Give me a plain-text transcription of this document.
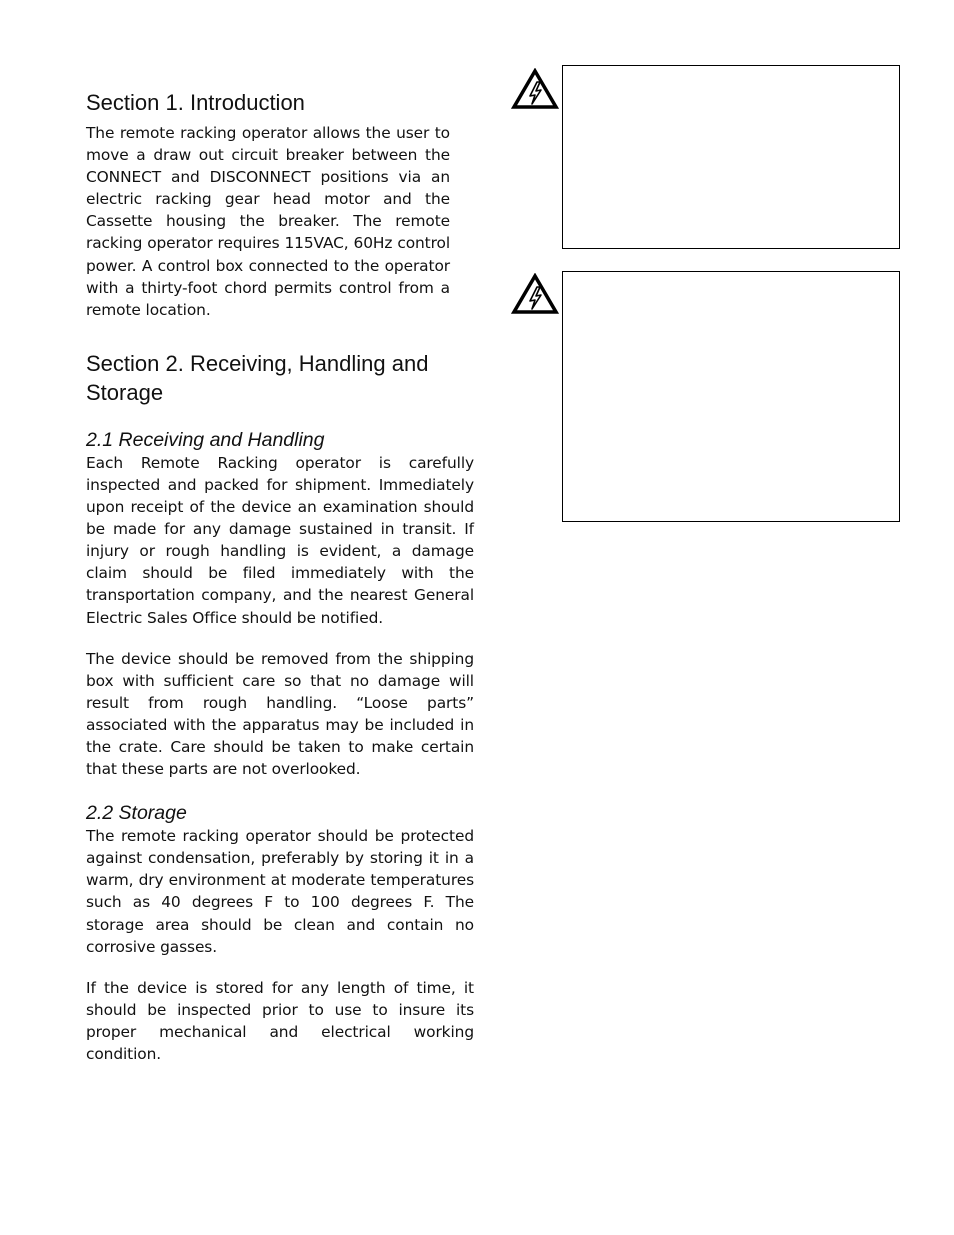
Section 1. Introduction

The remote racking operator allows the user to move a draw out circuit breaker between the CONNECT and DISCONNECT positions via an electric racking gear head motor and the Cassette housing the breaker. The remote racking operator requires 115VAC, 60Hz control power. A control box connected to the operator with a thirty-foot chord permits control from a remote location.

Section 2. Receiving, Handling and Storage
2.1 Receiving and Handling

Each Remote Racking operator is carefully inspected and packed for shipment. Immediately upon receipt of the device an examination should be made for any damage sustained in transit. If injury or rough handling is evident, a damage claim should be filed immediately with the transportation company, and the nearest General Electric Sales Office should be notified.

The device should be removed from the shipping box with sufficient care so that no damage will result from rough handling. “Loose parts” associated with the apparatus may be included in the crate. Care should be taken to make certain that these parts are not overlooked.

2.2 Storage

The remote racking operator should be protected against condensation, preferably by storing it in a warm, dry environment at moderate temperatures such as 40 degrees F to 100 degrees F. The storage area should be clean and contain no corrosive gasses.

If the device is stored for any length of time, it should be inspected prior to use to insure its proper mechanical and electrical working condition.
